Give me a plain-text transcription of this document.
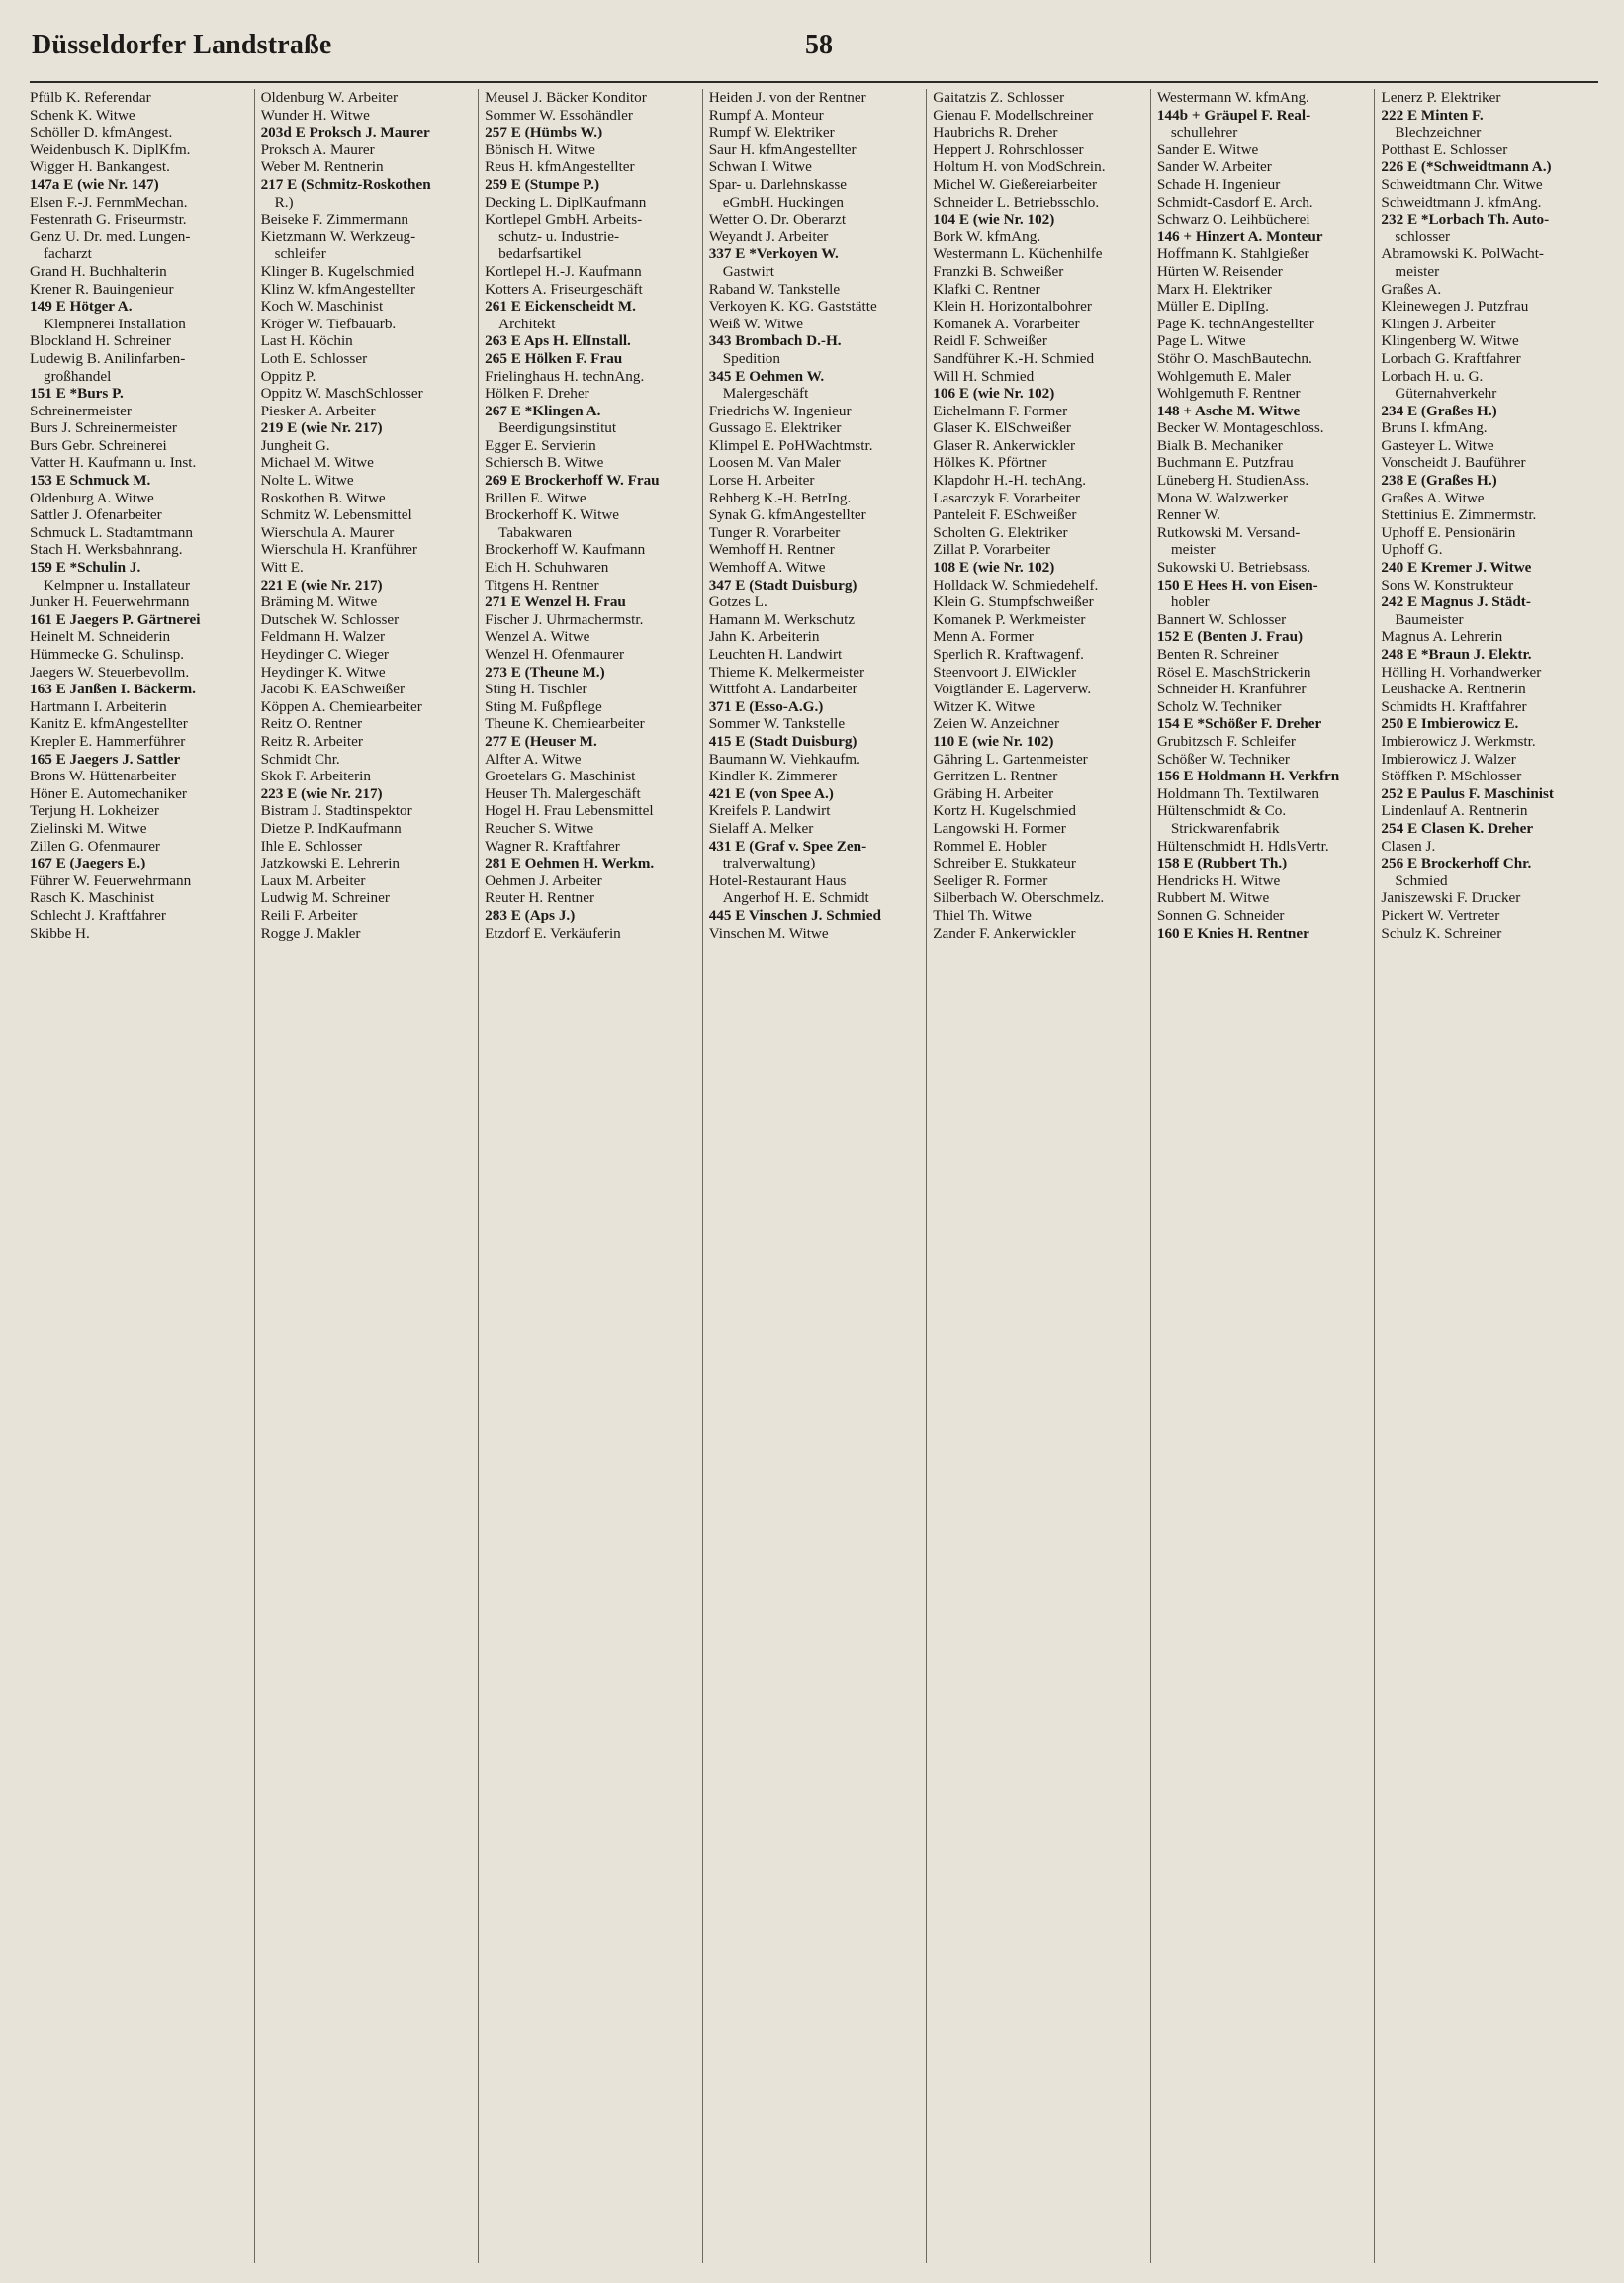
Düsseldorfer Landstraße	58
Pfülb K. Referendar
Schenk K. Witwe
Schöller D. kfmAngest.
Weidenbusch K. DiplKfm.
Wigger H. Bankangest.
147a E (wie Nr. 147)
Elsen F.-J. FernmMechan.
Festenrath G. Friseurmstr.
Genz U. Dr. med. Lungen-
facharzt
Grand H. Buchhalterin
Krener R. Bauingenieur
149 E Hötger A.
Klempnerei Installation
Blockland H. Schreiner
Ludewig B. Anilinfarben-
großhandel
151 E *Burs P.
Schreinermeister
Burs J. Schreinermeister
Burs Gebr. Schreinerei
Vatter H. Kaufmann u. Inst.
153 E Schmuck M.
Oldenburg A. Witwe
Sattler J. Ofenarbeiter
Schmuck L. Stadtamtmann
Stach H. Werksbahnrang.
159 E *Schulin J.
Kelmpner u. Installateur
Junker H. Feuerwehrmann
161 E Jaegers P. Gärtnerei
Heinelt M. Schneiderin
Hümmecke G. Schulinsp.
Jaegers W. Steuerbevollm.
163 E Janßen I. Bäckerm.
Hartmann I. Arbeiterin
Kanitz E. kfmAngestellter
Krepler E. Hammerführer
165 E Jaegers J. Sattler
Brons W. Hüttenarbeiter
Höner E. Automechaniker
Terjung H. Lokheizer
Zielinski M. Witwe
Zillen G. Ofenmaurer
167 E (Jaegers E.)
Führer W. Feuerwehrmann
Rasch K. Maschinist
Schlecht J. Kraftfahrer
Skibbe H.
Oldenburg W. Arbeiter
Wunder H. Witwe
203d E Proksch J. Maurer
Proksch A. Maurer
Weber M. Rentnerin
217 E (Schmitz-Roskothen
R.)
Beiseke F. Zimmermann
Kietzmann W. Werkzeug-
schleifer
Klinger B. Kugelschmied
Klinz W. kfmAngestellter
Koch W. Maschinist
Kröger W. Tiefbauarb.
Last H. Köchin
Loth E. Schlosser
Oppitz P.
Oppitz W. MaschSchlosser
Piesker A. Arbeiter
219 E (wie Nr. 217)
Jungheit G.
Michael M. Witwe
Nolte L. Witwe
Roskothen B. Witwe
Schmitz W. Lebensmittel
Wierschula A. Maurer
Wierschula H. Kranführer
Witt E.
221 E (wie Nr. 217)
Bräming M. Witwe
Dutschek W. Schlosser
Feldmann H. Walzer
Heydinger C. Wieger
Heydinger K. Witwe
Jacobi K. EASchweißer
Köppen A. Chemiearbeiter
Reitz O. Rentner
Reitz R. Arbeiter
Schmidt Chr.
Skok F. Arbeiterin
223 E (wie Nr. 217)
Bistram J. Stadtinspektor
Dietze P. IndKaufmann
Ihle E. Schlosser
Jatzkowski E. Lehrerin
Laux M. Arbeiter
Ludwig M. Schreiner
Reili F. Arbeiter
Rogge J. Makler
Meusel J. Bäcker Konditor
Sommer W. Essohändler
257 E (Hümbs W.)
Bönisch H. Witwe
Reus H. kfmAngestellter
259 E (Stumpe P.)
Decking L. DiplKaufmann
Kortlepel GmbH. Arbeits-
schutz- u. Industrie-
bedarfsartikel
Kortlepel H.-J. Kaufmann
Kotters A. Friseurgeschäft
261 E Eickenscheidt M.
Architekt
263 E Aps H. ElInstall.
265 E Hölken F. Frau
Frielinghaus H. technAng.
Hölken F. Dreher
267 E *Klingen A.
Beerdigungsinstitut
Egger E. Servierin
Schiersch B. Witwe
269 E Brockerhoff W. Frau
Brillen E. Witwe
Brockerhoff K. Witwe
Tabakwaren
Brockerhoff W. Kaufmann
Eich H. Schuhwaren
Titgens H. Rentner
271 E Wenzel H. Frau
Fischer J. Uhrmachermstr.
Wenzel A. Witwe
Wenzel H. Ofenmaurer
273 E (Theune M.)
Sting H. Tischler
Sting M. Fußpflege
Theune K. Chemiearbeiter
277 E (Heuser M.
Alfter A. Witwe
Groetelars G. Maschinist
Heuser Th. Malergeschäft
Hogel H. Frau Lebensmittel
Reucher S. Witwe
Wagner R. Kraftfahrer
281 E Oehmen H. Werkm.
Oehmen J. Arbeiter
Reuter H. Rentner
283 E (Aps J.)
Etzdorf E. Verkäuferin
Heiden J. von der Rentner
Rumpf A. Monteur
Rumpf W. Elektriker
Saur H. kfmAngestellter
Schwan I. Witwe
Spar- u. Darlehnskasse
eGmbH. Huckingen
Wetter O. Dr. Oberarzt
Weyandt J. Arbeiter
337 E *Verkoyen W.
Gastwirt
Raband W. Tankstelle
Verkoyen K. KG. Gaststätte
Weiß W. Witwe
343 Brombach D.-H.
Spedition
345 E Oehmen W.
Malergeschäft
Friedrichs W. Ingenieur
Gussago E. Elektriker
Klimpel E. PoHWachtmstr.
Loosen M. Van Maler
Lorse H. Arbeiter
Rehberg K.-H. BetrIng.
Synak G. kfmAngestellter
Tunger R. Vorarbeiter
Wemhoff H. Rentner
Wemhoff A. Witwe
347 E (Stadt Duisburg)
Gotzes L.
Hamann M. Werkschutz
Jahn K. Arbeiterin
Leuchten H. Landwirt
Thieme K. Melkermeister
Wittfoht A. Landarbeiter
371 E (Esso-A.G.)
Sommer W. Tankstelle
415 E (Stadt Duisburg)
Baumann W. Viehkaufm.
Kindler K. Zimmerer
421 E (von Spee A.)
Kreifels P. Landwirt
Sielaff A. Melker
431 E (Graf v. Spee Zen-
tralverwaltung)
Hotel-Restaurant Haus
Angerhof H. E. Schmidt
445 E Vinschen J. Schmied
Vinschen M. Witwe
Gaitatzis Z. Schlosser
Gienau F. Modellschreiner
Haubrichs R. Dreher
Heppert J. Rohrschlosser
Holtum H. von ModSchrein.
Michel W. Gießereiarbeiter
Schneider L. Betriebsschlo.
104 E (wie Nr. 102)
Bork W. kfmAng.
Westermann L. Küchenhilfe
Franzki B. Schweißer
Klafki C. Rentner
Klein H. Horizontalbohrer
Komanek A. Vorarbeiter
Reidl F. Schweißer
Sandführer K.-H. Schmied
Will H. Schmied
106 E (wie Nr. 102)
Eichelmann F. Former
Glaser K. ElSchweißer
Glaser R. Ankerwickler
Hölkes K. Pförtner
Klapdohr H.-H. techAng.
Lasarczyk F. Vorarbeiter
Panteleit F. ESchweißer
Scholten G. Elektriker
Zillat P. Vorarbeiter
108 E (wie Nr. 102)
Holldack W. Schmiedehelf.
Klein G. Stumpfschweißer
Komanek P. Werkmeister
Menn A. Former
Sperlich R. Kraftwagenf.
Steenvoort J. ElWickler
Voigtländer E. Lagerverw.
Witzer K. Witwe
Zeien W. Anzeichner
110 E (wie Nr. 102)
Gähring L. Gartenmeister
Gerritzen L. Rentner
Gräbing H. Arbeiter
Kortz H. Kugelschmied
Langowski H. Former
Rommel E. Hobler
Schreiber E. Stukkateur
Seeliger R. Former
Silberbach W. Oberschmelz.
Thiel Th. Witwe
Zander F. Ankerwickler
Westermann W. kfmAng.
144b + Gräupel F. Real-
schullehrer
Sander E. Witwe
Sander W. Arbeiter
Schade H. Ingenieur
Schmidt-Casdorf E. Arch.
Schwarz O. Leihbücherei
146 + Hinzert A. Monteur
Hoffmann K. Stahlgießer
Hürten W. Reisender
Marx H. Elektriker
Müller E. DiplIng.
Page K. technAngestellter
Page L. Witwe
Stöhr O. MaschBautechn.
Wohlgemuth E. Maler
Wohlgemuth F. Rentner
148 + Asche M. Witwe
Becker W. Montageschloss.
Bialk B. Mechaniker
Buchmann E. Putzfrau
Lüneberg H. StudienAss.
Mona W. Walzwerker
Renner W.
Rutkowski M. Versand-
meister
Sukowski U. Betriebsass.
150 E Hees H. von Eisen-
hobler
Bannert W. Schlosser
152 E (Benten J. Frau)
Benten R. Schreiner
Rösel E. MaschStrickerin
Schneider H. Kranführer
Scholz W. Techniker
154 E *Schößer F. Dreher
Grubitzsch F. Schleifer
Schößer W. Techniker
156 E Holdmann H. Verkfrn
Holdmann Th. Textilwaren
Hültenschmidt & Co.
Strickwarenfabrik
Hültenschmidt H. HdlsVertr.
158 E (Rubbert Th.)
Hendricks H. Witwe
Rubbert M. Witwe
Sonnen G. Schneider
160 E Knies H. Rentner
Lenerz P. Elektriker
222 E Minten F.
Blechzeichner
Potthast E. Schlosser
226 E (*Schweidtmann A.)
Schweidtmann Chr. Witwe
Schweidtmann J. kfmAng.
232 E *Lorbach Th. Auto-
schlosser
Abramowski K. PolWacht-
meister
Graßes A.
Kleinewegen J. Putzfrau
Klingen J. Arbeiter
Klingenberg W. Witwe
Lorbach G. Kraftfahrer
Lorbach H. u. G.
Güternahverkehr
234 E (Graßes H.)
Bruns I. kfmAng.
Gasteyer L. Witwe
Vonscheidt J. Bauführer
238 E (Graßes H.)
Graßes A. Witwe
Stettinius E. Zimmermstr.
Uphoff E. Pensionärin
Uphoff G.
240 E Kremer J. Witwe
Sons W. Konstrukteur
242 E Magnus J. Städt-
Baumeister
Magnus A. Lehrerin
248 E *Braun J. Elektr.
Hölling H. Vorhandwerker
Leushacke A. Rentnerin
Schmidts H. Kraftfahrer
250 E Imbierowicz E.
Imbierowicz J. Werkmstr.
Imbierowicz J. Walzer
Stöffken P. MSchlosser
252 E Paulus F. Maschinist
Lindenlauf A. Rentnerin
254 E Clasen K. Dreher
Clasen J.
256 E Brockerhoff Chr.
Schmied
Janiszewski F. Drucker
Pickert W. Vertreter
Schulz K. Schreiner
